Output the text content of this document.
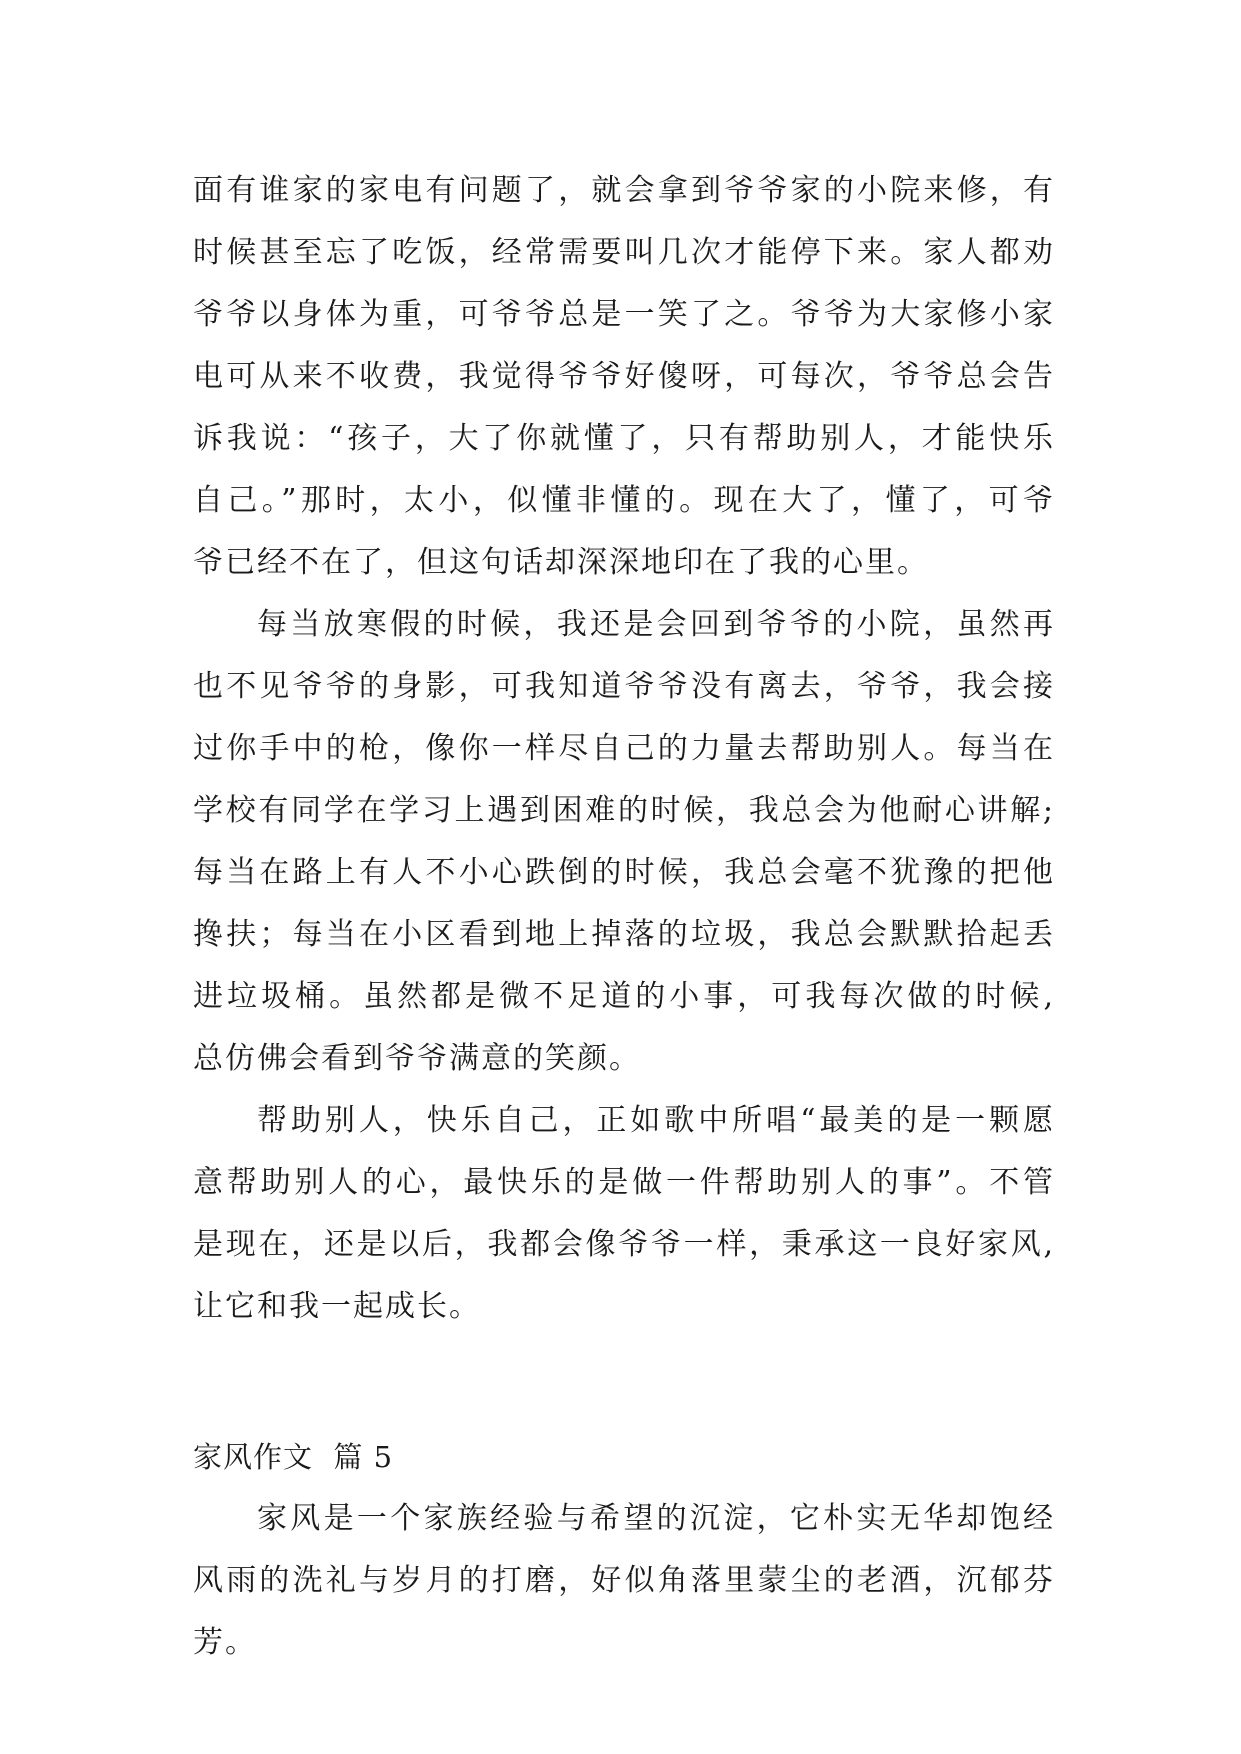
面有谁家的家电有问题了，就会拿到爷爷家的小院来修，有
时候甚至忘了吃饭，经常需要叫几次才能停下来。家人都劝
爷爷以身体为重，可爷爷总是一笑了之。爷爷为大家修小家
电可从来不收费，我觉得爷爷好傻呀，可每次，爷爷总会告
诉我说：“孩子，大了你就懂了，只有帮助别人，才能快乐
自己。”那时，太小，似懂非懂的。现在大了，懂了，可爷
爷已经不在了，但这句话却深深地印在了我的心里。
每当放寒假的时候，我还是会回到爷爷的小院，虽然再
也不见爷爷的身影，可我知道爷爷没有离去，爷爷，我会接
过你手中的枪，像你一样尽自己的力量去帮助别人。每当在
学校有同学在学习上遇到困难的时候，我总会为他耐心讲解;
每当在路上有人不小心跌倒的时候，我总会毫不犹豫的把他
搀扶；每当在小区看到地上掉落的垃圾，我总会默默拾起丢
进垃圾桶。虽然都是微不足道的小事，可我每次做的时候,
总仿佛会看到爷爷满意的笑颜。
帮助别人，快乐自己，正如歌中所唱“最美的是一颗愿
意帮助别人的心，最快乐的是做一件帮助别人的事”。不管
是现在，还是以后，我都会像爷爷一样，秉承这一良好家风,
让它和我一起成长。
家风作文  篇 5
家风是一个家族经验与希望的沉淀，它朴实无华却饱经
风雨的洗礼与岁月的打磨，好似角落里蒙尘的老酒，沉郁芬
芳。
